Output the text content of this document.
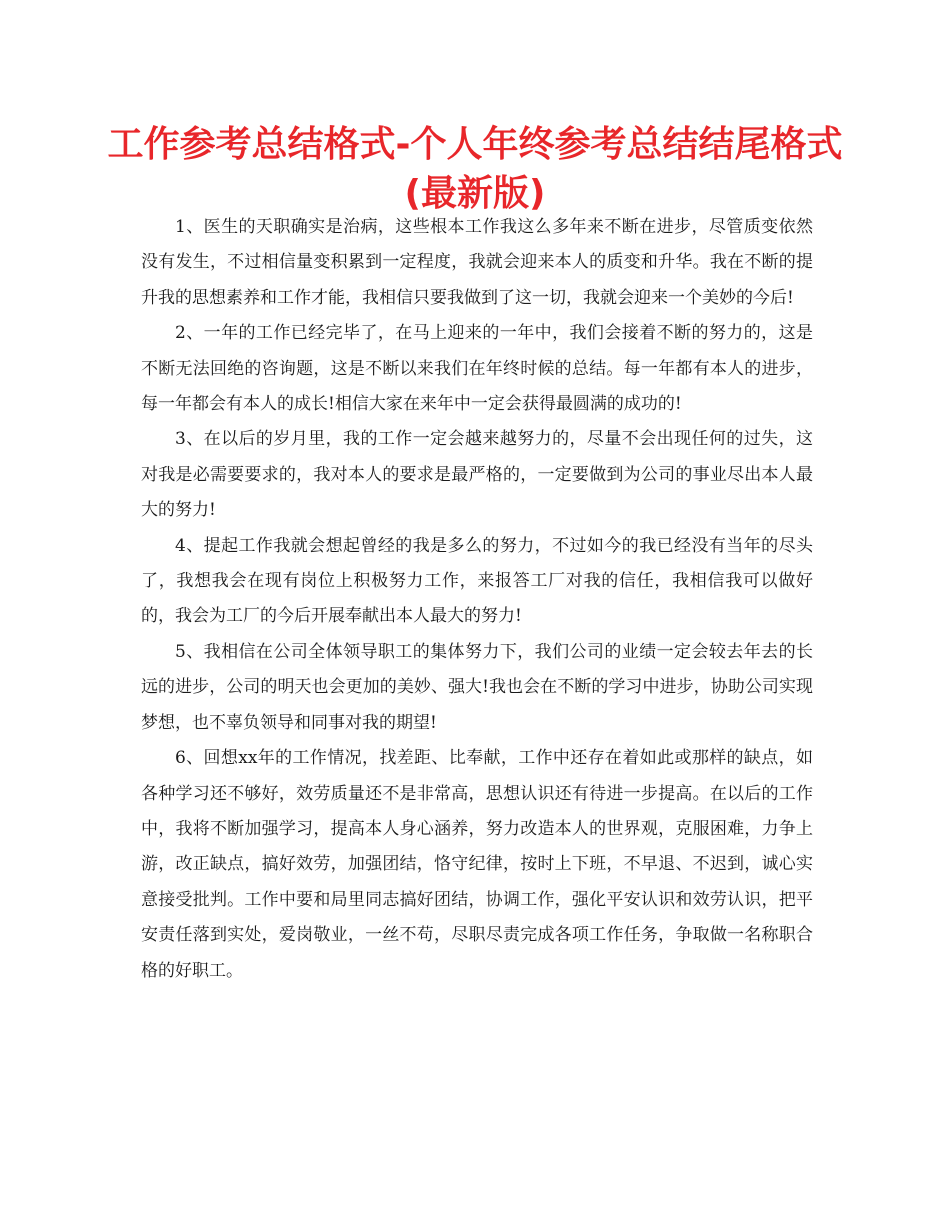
工作参考总结格式-个人年终参考总结结尾格式
(最新版)

1、医生的天职确实是治病，这些根本工作我这么多年来不断在进步，尽管质变依然没有发生，不过相信量变积累到一定程度，我就会迎来本人的质变和升华。我在不断的提升我的思想素养和工作才能，我相信只要我做到了这一切，我就会迎来一个美妙的今后!

2、一年的工作已经完毕了，在马上迎来的一年中，我们会接着不断的努力的，这是不断无法回绝的咨询题，这是不断以来我们在年终时候的总结。每一年都有本人的进步，每一年都会有本人的成长!相信大家在来年中一定会获得最圆满的成功的!

3、在以后的岁月里，我的工作一定会越来越努力的，尽量不会出现任何的过失，这对我是必需要要求的，我对本人的要求是最严格的，一定要做到为公司的事业尽出本人最大的努力!

4、提起工作我就会想起曾经的我是多么的努力，不过如今的我已经没有当年的尽头了，我想我会在现有岗位上积极努力工作，来报答工厂对我的信任，我相信我可以做好的，我会为工厂的今后开展奉献出本人最大的努力!

5、我相信在公司全体领导职工的集体努力下，我们公司的业绩一定会较去年去的长远的进步，公司的明天也会更加的美妙、强大!我也会在不断的学习中进步，协助公司实现梦想，也不辜负领导和同事对我的期望!

6、回想xx年的工作情况，找差距、比奉献，工作中还存在着如此或那样的缺点，如各种学习还不够好，效劳质量还不是非常高，思想认识还有待进一步提高。在以后的工作中，我将不断加强学习，提高本人身心涵养，努力改造本人的世界观，克服困难，力争上游，改正缺点，搞好效劳，加强团结，恪守纪律，按时上下班，不早退、不迟到，诚心实意接受批判。工作中要和局里同志搞好团结，协调工作，强化平安认识和效劳认识，把平安责任落到实处，爱岗敬业，一丝不苟，尽职尽责完成各项工作任务，争取做一名称职合格的好职工。
